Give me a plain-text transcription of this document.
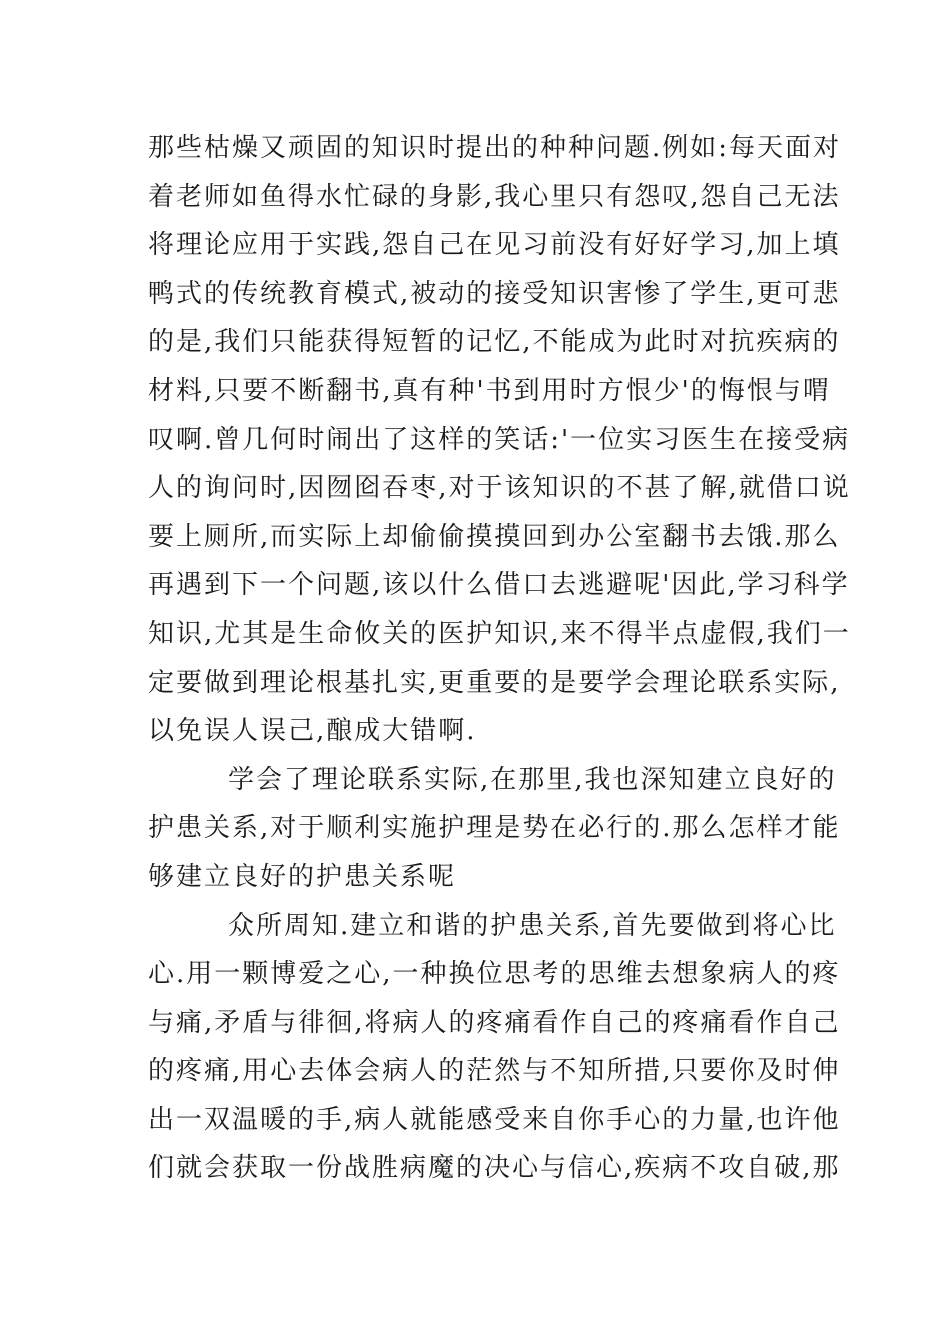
那些枯燥又顽固的知识时提出的种种问题.例如:每天面对
着老师如鱼得水忙碌的身影,我心里只有怨叹,怨自己无法
将理论应用于实践,怨自己在见习前没有好好学习,加上填
鸭式的传统教育模式,被动的接受知识害惨了学生,更可悲
的是,我们只能获得短暂的记忆,不能成为此时对抗疾病的
材料,只要不断翻书,真有种'书到用时方恨少'的悔恨与喟
叹啊.曾几何时闹出了这样的笑话:'一位实习医生在接受病
人的询问时,因囫囵吞枣,对于该知识的不甚了解,就借口说
要上厕所,而实际上却偷偷摸摸回到办公室翻书去饿.那么
再遇到下一个问题,该以什么借口去逃避呢'因此,学习科学
知识,尤其是生命攸关的医护知识,来不得半点虚假,我们一
定要做到理论根基扎实,更重要的是要学会理论联系实际,
以免误人误己,酿成大错啊.
学会了理论联系实际,在那里,我也深知建立良好的
护患关系,对于顺利实施护理是势在必行的.那么怎样才能
够建立良好的护患关系呢
众所周知.建立和谐的护患关系,首先要做到将心比
心.用一颗博爱之心,一种换位思考的思维去想象病人的疼
与痛,矛盾与徘徊,将病人的疼痛看作自己的疼痛看作自己
的疼痛,用心去体会病人的茫然与不知所措,只要你及时伸
出一双温暖的手,病人就能感受来自你手心的力量,也许他
们就会获取一份战胜病魔的决心与信心,疾病不攻自破,那
